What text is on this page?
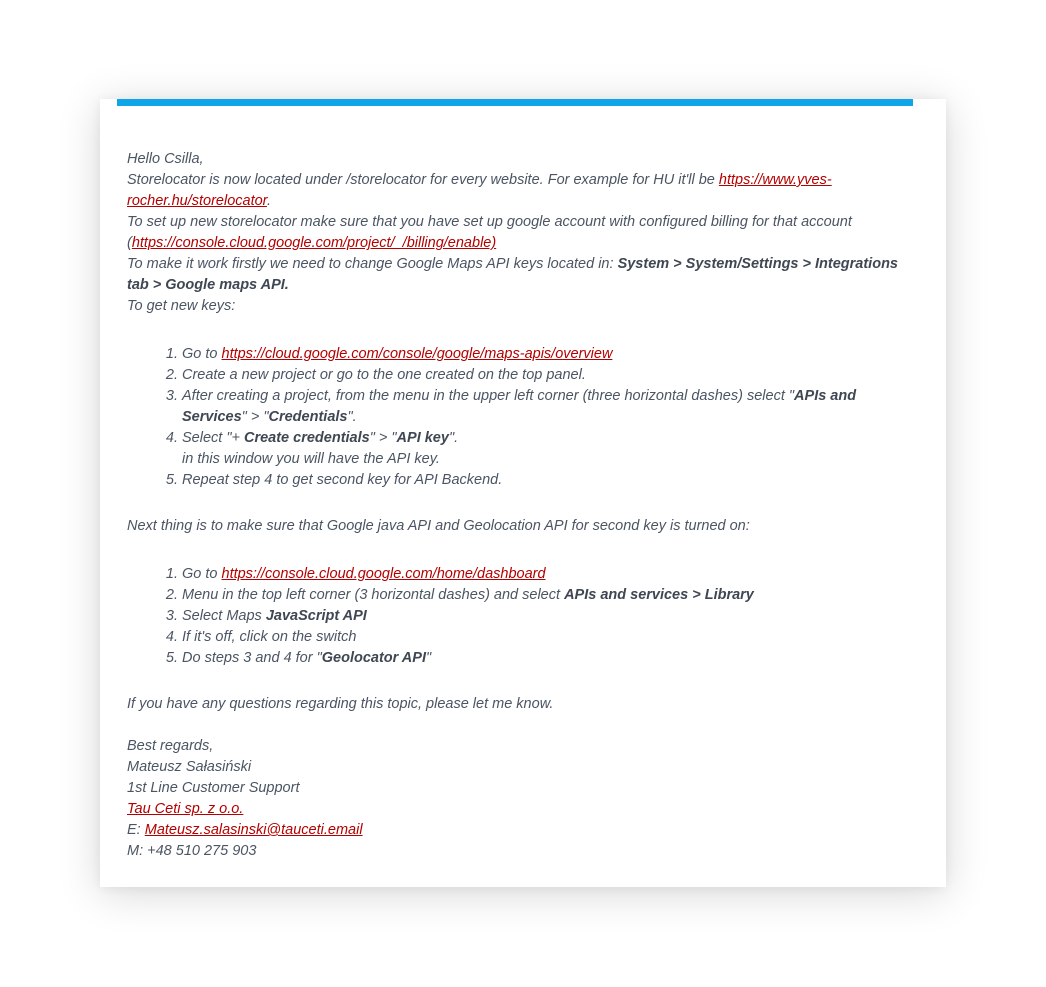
Hello Csilla,

Storelocator is now located under /storelocator for every website. For example for HU it'll be https://www.yves-rocher.hu/storelocator.

To set up new storelocator make sure that you have set up google account with configured billing for that account
(https://console.cloud.google.com/project/_/billing/enable)

To make it work firstly we need to change Google Maps API keys located in: System > System/Settings > Integrations tab > Google maps API.

To get new keys:

1. Go to https://cloud.google.com/console/google/maps-apis/overview
2. Create a new project or go to the one created on the top panel.
3. After creating a project, from the menu in the upper left corner (three horizontal dashes) select "APIs and Services" > "Credentials".
4. Select "+ Create credentials" > "API key".
in this window you will have the API key.
5. Repeat step 4 to get second key for API Backend.

Next thing is to make sure that Google java API and Geolocation API for second key is turned on:

1. Go to https://console.cloud.google.com/home/dashboard
2. Menu in the top left corner (3 horizontal dashes) and select APIs and services > Library
3. Select Maps JavaScript API
4. If it's off, click on the switch
5. Do steps 3 and 4 for "Geolocator API"

If you have any questions regarding this topic, please let me know.

Best regards,

Mateusz Sałasiński

1st Line Customer Support

Tau Ceti sp. z o.o.

E: Mateusz.salasinski@tauceti.email

M: +48 510 275 903
